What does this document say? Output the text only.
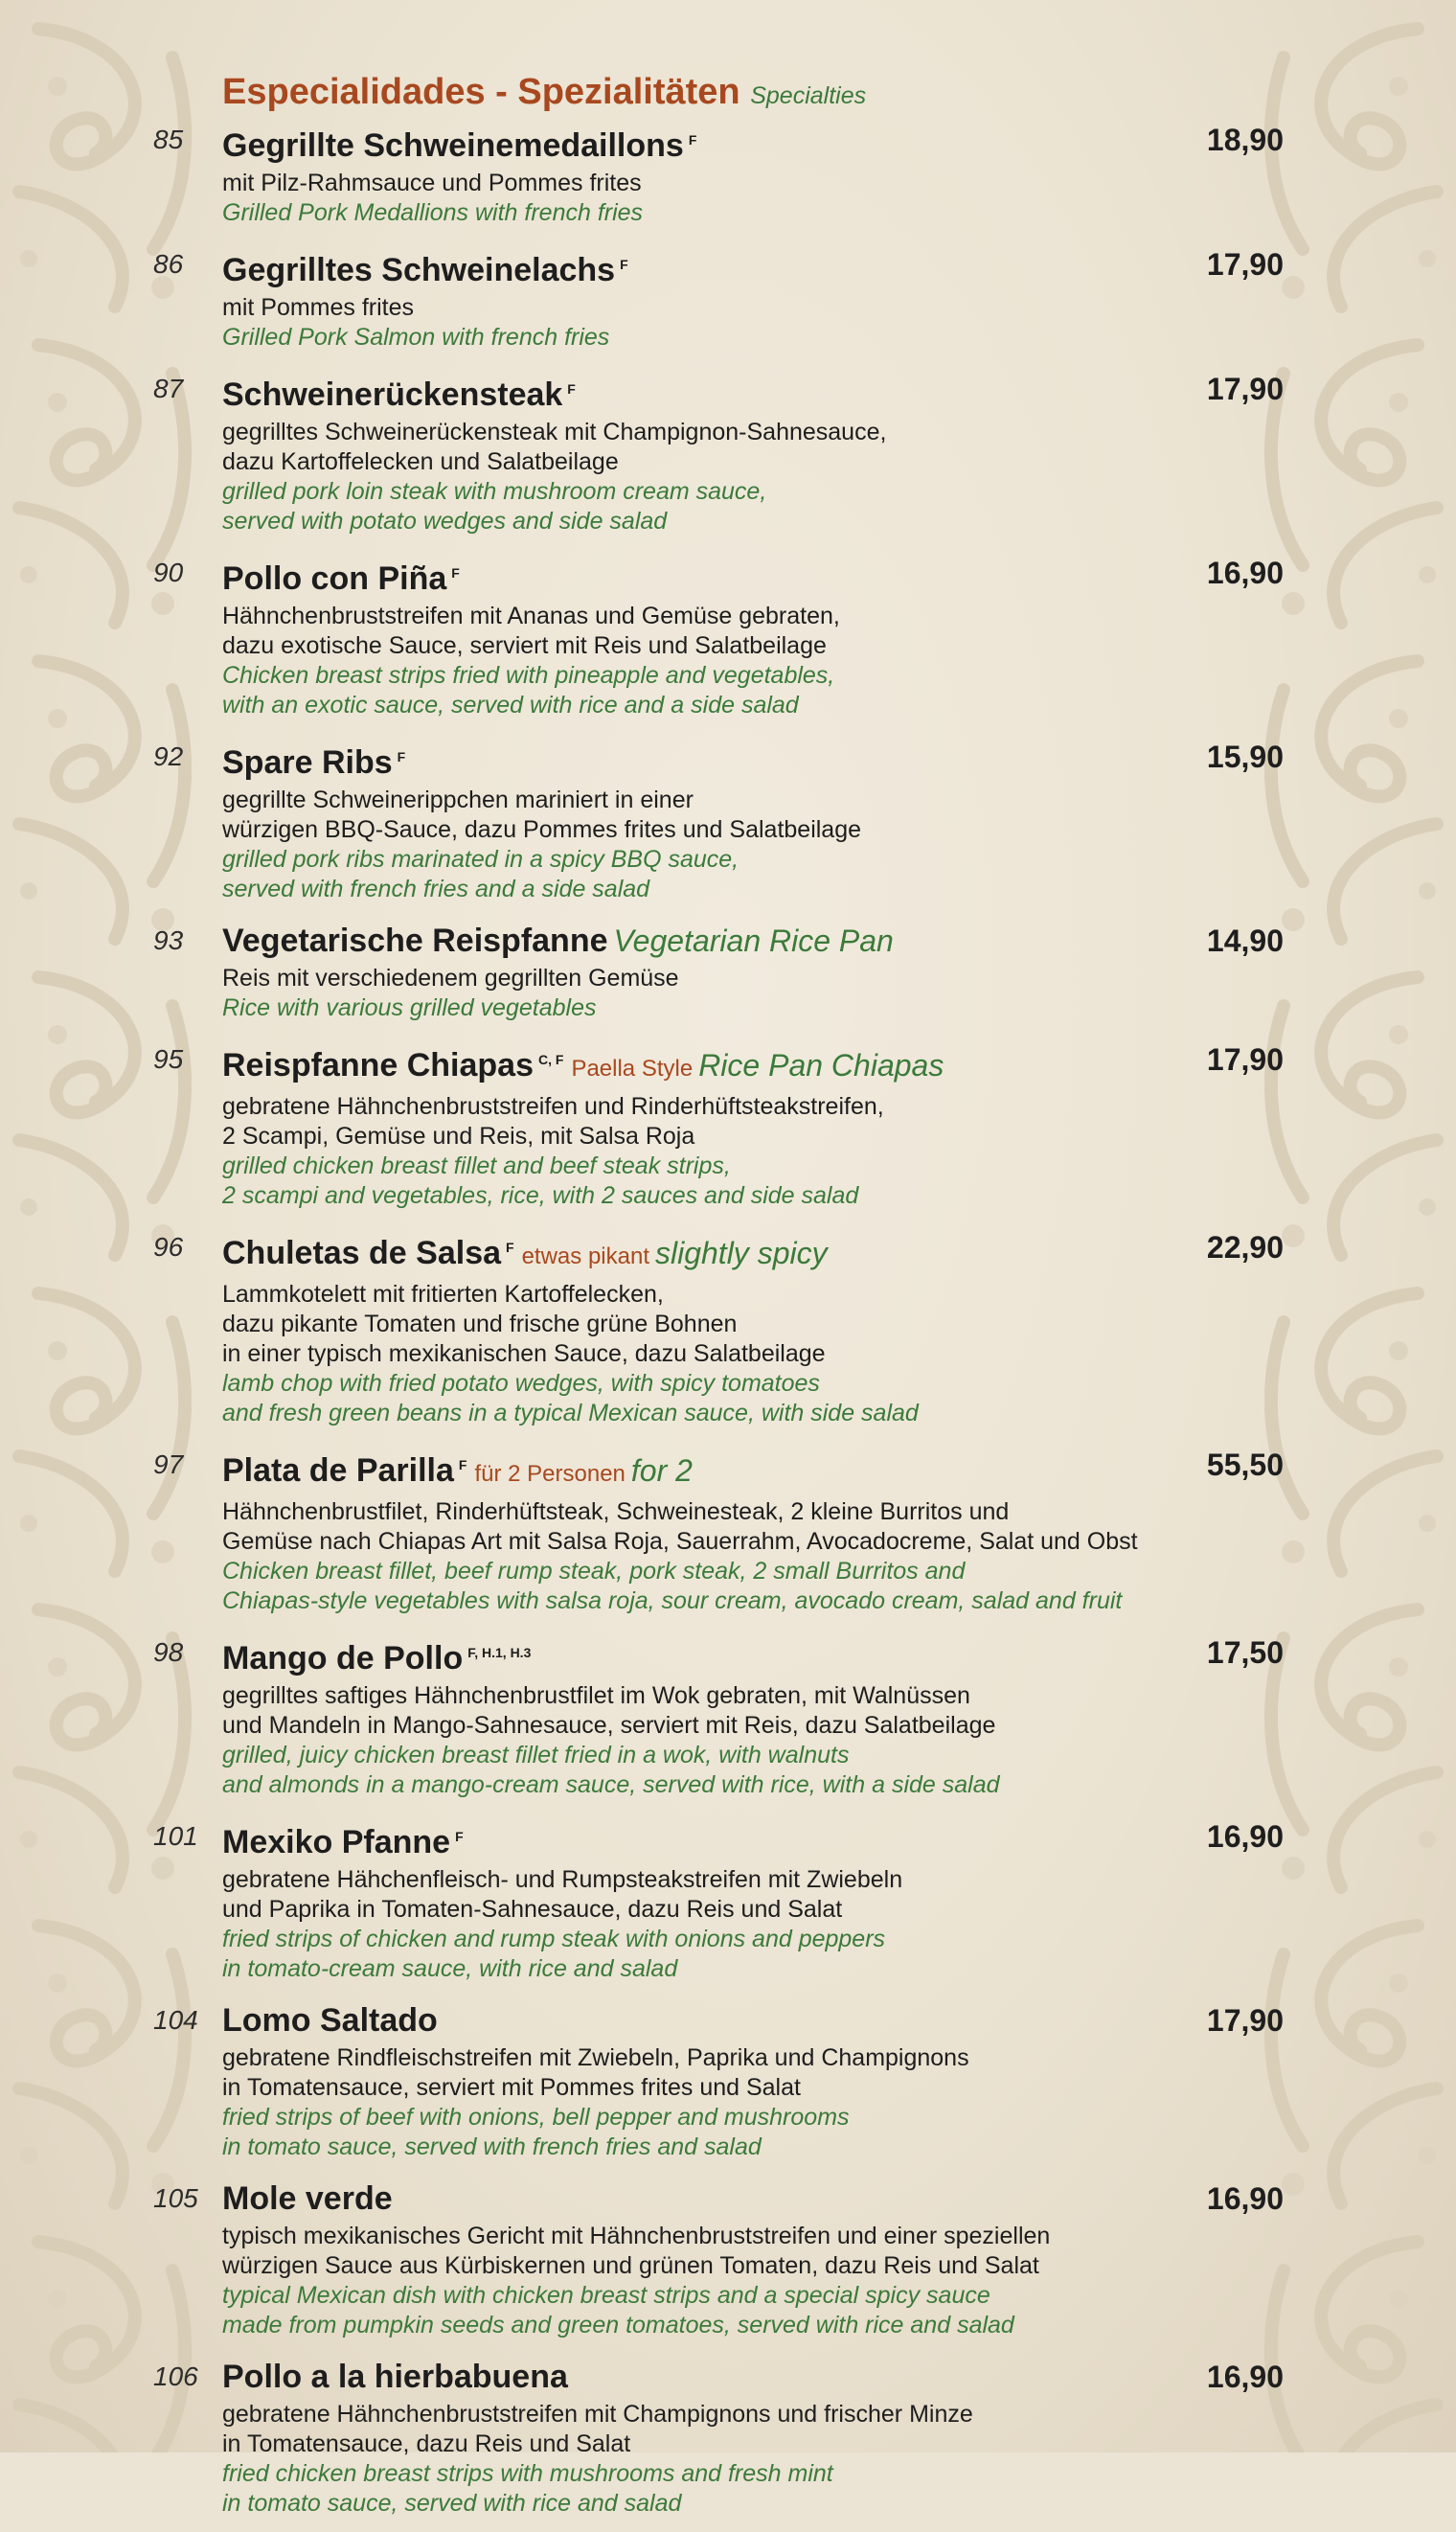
Especialidades - Spezialitäten Specialties
85	18,90
Gegrillte Schweinemedaillons $^F$
mit Pilz-Rahmsauce und Pommes frites
Grilled Pork Medallions with french fries
86	17,90
Gegrilltes Schweinelachs $^F$
mit Pommes frites
Grilled Pork Salmon with french fries
87	17,90
Schweinerückensteak $^F$
gegrilltes Schweinerückensteak mit Champignon-Sahnesauce,
dazu Kartoffelecken und Salatbeilage
grilled pork loin steak with mushroom cream sauce,
served with potato wedges and side salad
90	16,90
Pollo con Piña $^F$
Hähnchenbruststreifen mit Ananas und Gemüse gebraten,
dazu exotische Sauce, serviert mit Reis und Salatbeilage
Chicken breast strips fried with pineapple and vegetables,
with an exotic sauce, served with rice and a side salad
92	15,90
Spare Ribs $^F$
gegrillte Schweinerippchen mariniert in einer
würzigen BBQ-Sauce, dazu Pommes frites und Salatbeilage
grilled pork ribs marinated in a spicy BBQ sauce,
served with french fries and a side salad
93	14,90
Vegetarische Reispfanne Vegetarian Rice Pan
Reis mit verschiedenem gegrillten Gemüse
Rice with various grilled vegetables
95	17,90
Reispfanne Chiapas $^{C, F}$ Paella Style Rice Pan Chiapas
gebratene Hähnchenbruststreifen und Rinderhüftsteakstreifen,
2 Scampi, Gemüse und Reis, mit Salsa Roja
grilled chicken breast fillet and beef steak strips,
2 scampi and vegetables, rice, with 2 sauces and side salad
96	22,90
Chuletas de Salsa $^F$ etwas pikant slightly spicy
Lammkotelett mit fritierten Kartoffelecken,
dazu pikante Tomaten und frische grüne Bohnen
in einer typisch mexikanischen Sauce, dazu Salatbeilage
lamb chop with fried potato wedges, with spicy tomatoes
and fresh green beans in a typical Mexican sauce, with side salad
97	55,50
Plata de Parilla $^F$ für 2 Personen for 2
Hähnchenbrustfilet, Rinderhüftsteak, Schweinesteak, 2 kleine Burritos und
Gemüse nach Chiapas Art mit Salsa Roja, Sauerrahm, Avocadocreme, Salat und Obst
Chicken breast fillet, beef rump steak, pork steak, 2 small Burritos and
Chiapas-style vegetables with salsa roja, sour cream, avocado cream, salad and fruit
98	17,50
Mango de Pollo $^{F, H.1, H.3}$
gegrilltes saftiges Hähnchenbrustfilet im Wok gebraten, mit Walnüssen
und Mandeln in Mango-Sahnesauce, serviert mit Reis, dazu Salatbeilage
grilled, juicy chicken breast fillet fried in a wok, with walnuts
and almonds in a mango-cream sauce, served with rice, with a side salad
101	16,90
Mexiko Pfanne $^F$
gebratene Hähchenfleisch- und Rumpsteakstreifen mit Zwiebeln
und Paprika in Tomaten-Sahnesauce, dazu Reis und Salat
fried strips of chicken and rump steak with onions and peppers
in tomato-cream sauce, with rice and salad
104	17,90
Lomo Saltado
gebratene Rindfleischstreifen mit Zwiebeln, Paprika und Champignons
in Tomatensauce, serviert mit Pommes frites und Salat
fried strips of beef with onions, bell pepper and mushrooms
in tomato sauce, served with french fries and salad
105	16,90
Mole verde
typisch mexikanisches Gericht mit Hähnchenbruststreifen und einer speziellen
würzigen Sauce aus Kürbiskernen und grünen Tomaten, dazu Reis und Salat
typical Mexican dish with chicken breast strips and a special spicy sauce
made from pumpkin seeds and green tomatoes, served with rice and salad
106	16,90
Pollo a la hierbabuena
gebratene Hähnchenbruststreifen mit Champignons und frischer Minze
in Tomatensauce, dazu Reis und Salat
fried chicken breast strips with mushrooms and fresh mint
in tomato sauce, served with rice and salad
